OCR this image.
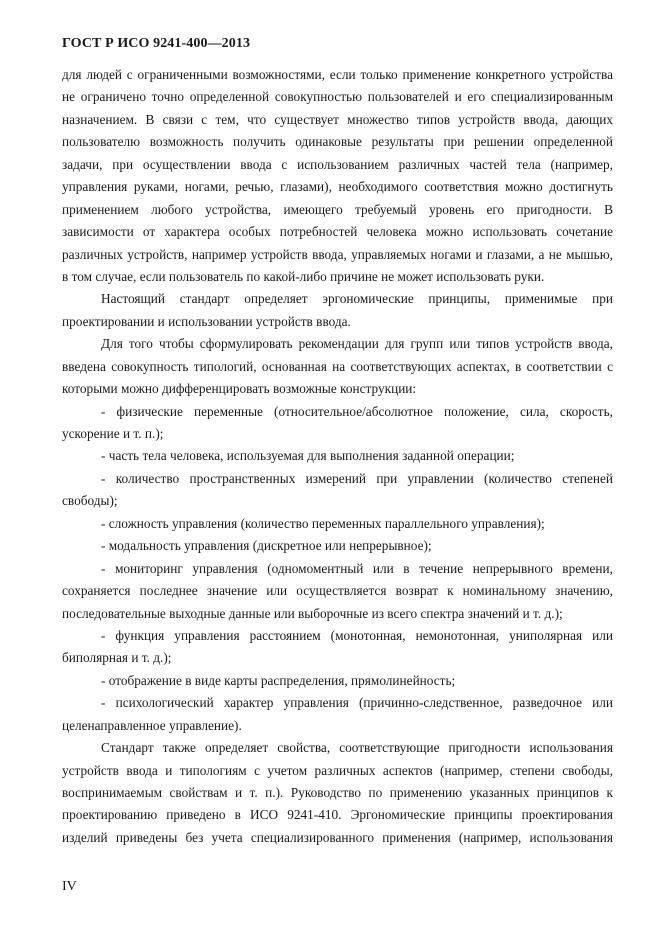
ГОСТ Р ИСО 9241-400—2013
для людей с ограниченными возможностями, если только применение конкретного устройства
не ограничено точно определенной совокупностью пользователей и его специализированным
назначением. В связи с тем, что существует множество типов устройств ввода, дающих
пользователю возможность получить одинаковые результаты при решении определенной
задачи, при осуществлении ввода с использованием различных частей тела (например,
управления руками, ногами, речью, глазами), необходимого соответствия можно достигнуть
применением любого устройства, имеющего требуемый уровень его пригодности. В
зависимости от характера особых потребностей человека можно использовать сочетание
различных устройств, например устройств ввода, управляемых ногами и глазами, а не мышью,
в том случае, если пользователь по какой-либо причине не может использовать руки.
Настоящий стандарт определяет эргономические принципы, применимые при
проектировании и использовании устройств ввода.
Для того чтобы сформулировать рекомендации для групп или типов устройств ввода,
введена совокупность типологий, основанная на соответствующих аспектах, в соответствии с
которыми можно дифференцировать возможные конструкции:
- физические переменные (относительное/абсолютное положение, сила, скорость,
ускорение и т. п.);
- часть тела человека, используемая для выполнения заданной операции;
- количество пространственных измерений при управлении (количество степеней
свободы);
- сложность управления (количество переменных параллельного управления);
- модальность управления (дискретное или непрерывное);
- мониторинг управления (одномоментный или в течение непрерывного времени,
сохраняется последнее значение или осуществляется возврат к номинальному значению,
последовательные выходные данные или выборочные из всего спектра значений и т. д.);
- функция управления расстоянием (монотонная, немонотонная, униполярная или
биполярная и т. д.);
- отображение в виде карты распределения, прямолинейность;
- психологический характер управления (причинно-следственное, разведочное или
целенаправленное управление).
Стандарт также определяет свойства, соответствующие пригодности использования
устройств ввода и типологиям с учетом различных аспектов (например, степени свободы,
воспринимаемым свойствам и т. п.). Руководство по применению указанных принципов к
проектированию приведено в ИСО 9241-410. Эргономические принципы проектирования
изделий приведены без учета специализированного применения (например, использования
IV
